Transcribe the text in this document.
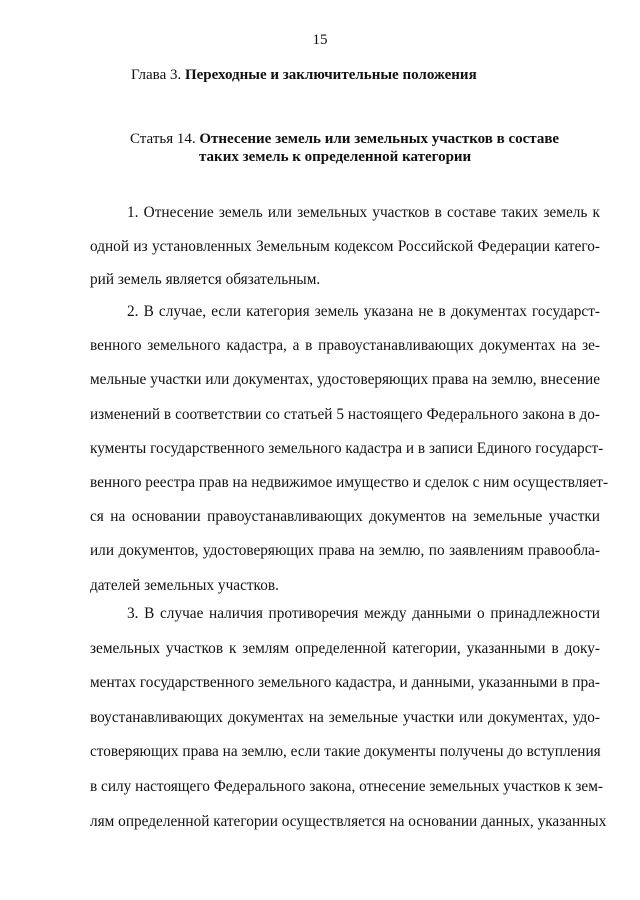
15
Глава 3. Переходные и заключительные положения
Статья 14. Отнесение земель или земельных участков в составе
таких земель к определенной категории
1. Отнесение земель или земельных участков в составе таких земель к
одной из установленных Земельным кодексом Российской Федерации катего-
рий земель является обязательным.
2. В случае, если категория земель указана не в документах государст-
венного земельного кадастра, а в правоустанавливающих документах на зе-
мельные участки или документах, удостоверяющих права на землю, внесение
изменений в соответствии со статьей 5 настоящего Федерального закона в до-
кументы государственного земельного кадастра и в записи Единого государст-
венного реестра прав на недвижимое имущество и сделок с ним осуществляет-
ся на основании правоустанавливающих документов на земельные участки
или документов, удостоверяющих права на землю, по заявлениям правообла-
дателей земельных участков.
3. В случае наличия противоречия между данными о принадлежности
земельных участков к землям определенной категории, указанными в доку-
ментах государственного земельного кадастра, и данными, указанными в пра-
воустанавливающих документах на земельные участки или документах, удо-
стоверяющих права на землю, если такие документы получены до вступления
в силу настоящего Федерального закона, отнесение земельных участков к зем-
лям определенной категории осуществляется на основании данных, указанных
